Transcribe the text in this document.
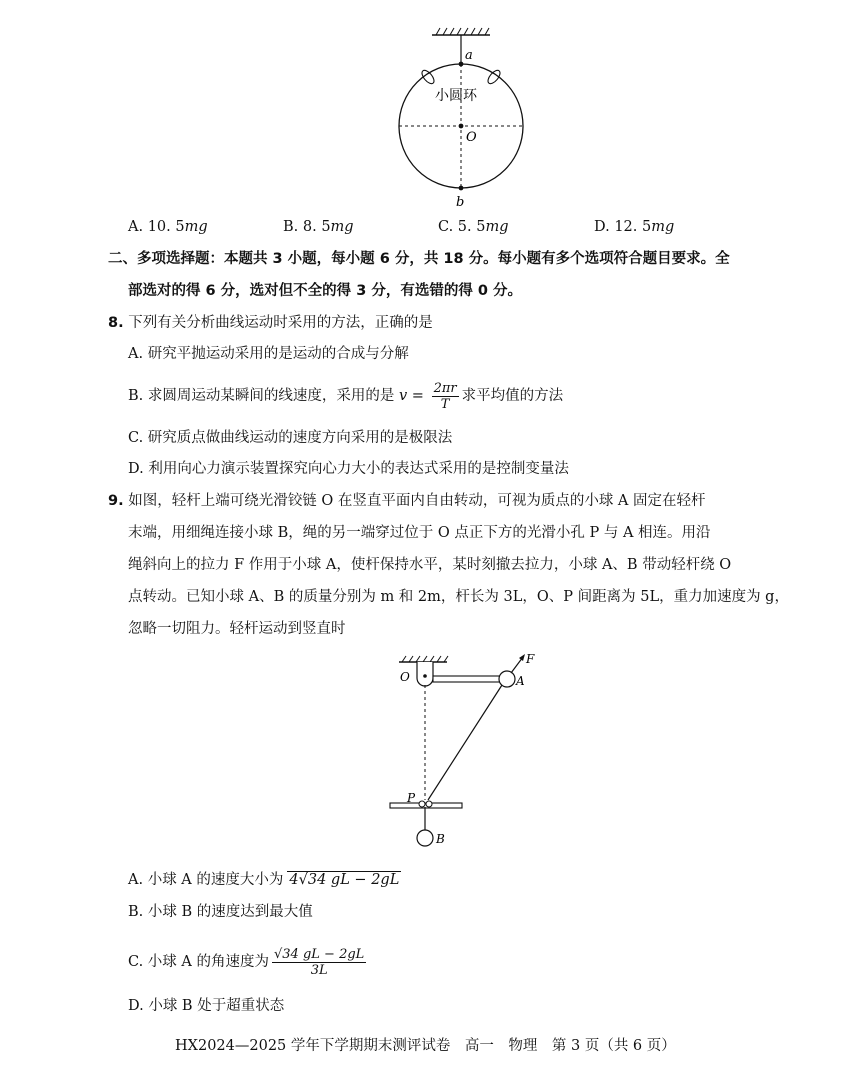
a
小圆环
O
b
A. 10. 5mg	B. 8. 5mg	C. 5. 5mg	D. 12. 5mg
二、多项选择题：本题共 3 小题，每小题 6 分，共 18 分。每小题有多个选项符合题目要求。全
部选对的得 6 分，选对但不全的得 3 分，有选错的得 0 分。
8. 下列有关分析曲线运动时采用的方法，正确的是
A. 研究平抛运动采用的是运动的合成与分解
B. 求圆周运动某瞬间的线速度，采用的是 $v = \frac{2\pi r}{T}$ 求平均值的方法
C. 研究质点做曲线运动的速度方向采用的是极限法
D. 利用向心力演示装置探究向心力大小的表达式采用的是控制变量法
9. 如图，轻杆上端可绕光滑铰链 O 在竖直平面内自由转动，可视为质点的小球 A 固定在轻杆
末端，用细绳连接小球 B，绳的另一端穿过位于 O 点正下方的光滑小孔 P 与 A 相连。用沿
绳斜向上的拉力 F 作用于小球 A，使杆保持水平，某时刻撤去拉力，小球 A、B 带动轻杆绕 O
点转动。已知小球 A、B 的质量分别为 m 和 2m，杆长为 3L，O、P 间距离为 5L，重力加速度为 g，
忽略一切阻力。轻杆运动到竖直时
O	A
F
P
B
A. 小球 A 的速度大小为 4√34 gL − 2gL
B. 小球 B 的速度达到最大值
C. 小球 A 的角速度为 $\frac{√34 gL - 2gL}{3L}$
D. 小球 B 处于超重状态
HX2024—2025 学年下学期期末测评试卷　高一　物理　第 3 页（共 6 页）
